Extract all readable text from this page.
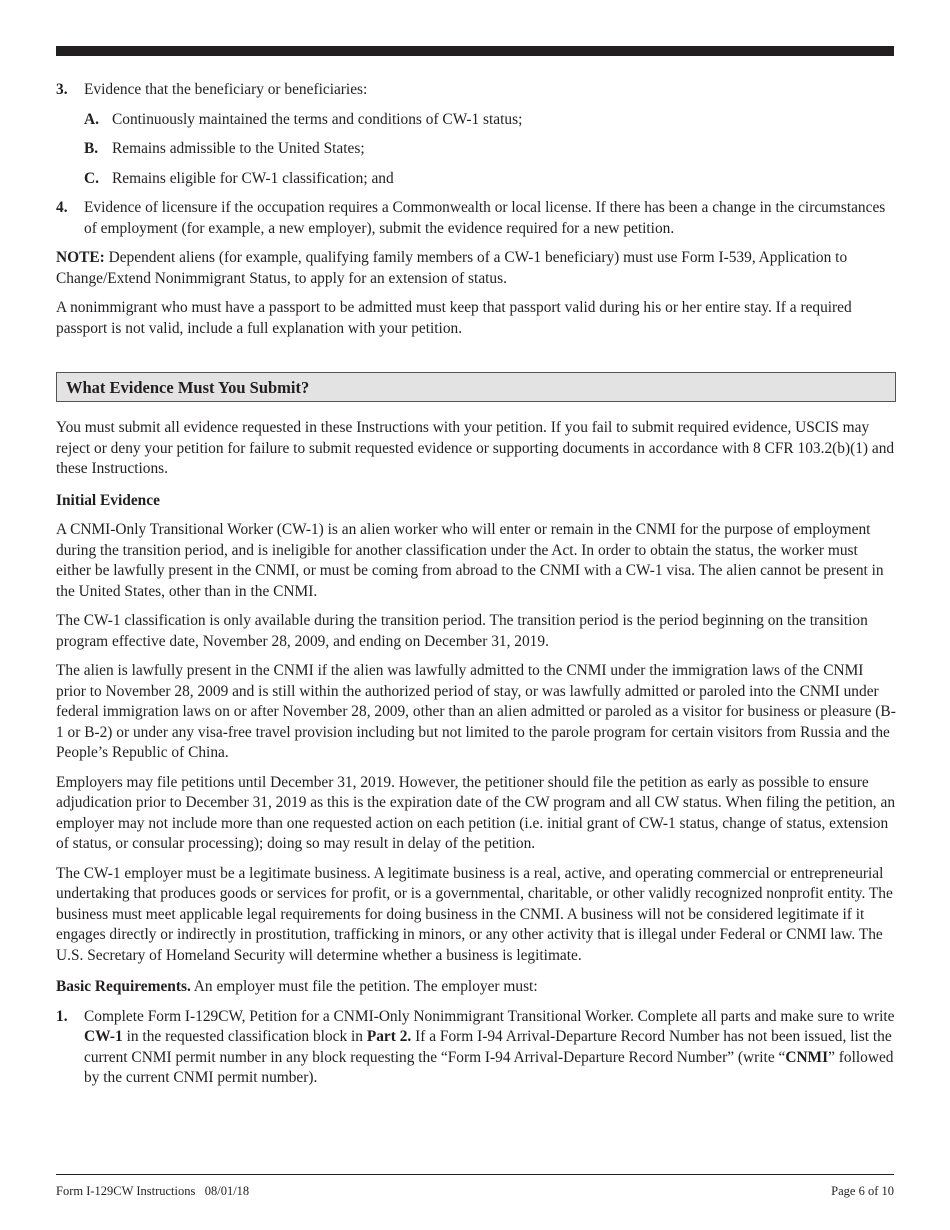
3.	Evidence that the beneficiary or beneficiaries:
A. Continuously maintained the terms and conditions of CW-1 status;
B. Remains admissible to the United States;
C. Remains eligible for CW-1 classification; and
4.	Evidence of licensure if the occupation requires a Commonwealth or local license. If there has been a change in the circumstances of employment (for example, a new employer), submit the evidence required for a new petition.

NOTE: Dependent aliens (for example, qualifying family members of a CW-1 beneficiary) must use Form I-539, Application to Change/Extend Nonimmigrant Status, to apply for an extension of status.

A nonimmigrant who must have a passport to be admitted must keep that passport valid during his or her entire stay. If a required passport is not valid, include a full explanation with your petition.

What Evidence Must You Submit?

You must submit all evidence requested in these Instructions with your petition. If you fail to submit required evidence, USCIS may reject or deny your petition for failure to submit requested evidence or supporting documents in accordance with 8 CFR 103.2(b)(1) and these Instructions.

Initial Evidence

A CNMI-Only Transitional Worker (CW-1) is an alien worker who will enter or remain in the CNMI for the purpose of employment during the transition period, and is ineligible for another classification under the Act. In order to obtain the status, the worker must either be lawfully present in the CNMI, or must be coming from abroad to the CNMI with a CW-1 visa. The alien cannot be present in the United States, other than in the CNMI.

The CW-1 classification is only available during the transition period. The transition period is the period beginning on the transition program effective date, November 28, 2009, and ending on December 31, 2019.

The alien is lawfully present in the CNMI if the alien was lawfully admitted to the CNMI under the immigration laws of the CNMI prior to November 28, 2009 and is still within the authorized period of stay, or was lawfully admitted or paroled into the CNMI under federal immigration laws on or after November 28, 2009, other than an alien admitted or paroled as a visitor for business or pleasure (B-1 or B-2) or under any visa-free travel provision including but not limited to the parole program for certain visitors from Russia and the People’s Republic of China.

Employers may file petitions until December 31, 2019. However, the petitioner should file the petition as early as possible to ensure adjudication prior to December 31, 2019 as this is the expiration date of the CW program and all CW status. When filing the petition, an employer may not include more than one requested action on each petition (i.e. initial grant of CW-1 status, change of status, extension of status, or consular processing); doing so may result in delay of the petition.

The CW-1 employer must be a legitimate business. A legitimate business is a real, active, and operating commercial or entrepreneurial undertaking that produces goods or services for profit, or is a governmental, charitable, or other validly recognized nonprofit entity. The business must meet applicable legal requirements for doing business in the CNMI. A business will not be considered legitimate if it engages directly or indirectly in prostitution, trafficking in minors, or any other activity that is illegal under Federal or CNMI law. The U.S. Secretary of Homeland Security will determine whether a business is legitimate.

Basic Requirements. An employer must file the petition. The employer must:

1.	Complete Form I-129CW, Petition for a CNMI-Only Nonimmigrant Transitional Worker. Complete all parts and make sure to write CW-1 in the requested classification block in Part 2. If a Form I-94 Arrival-Departure Record Number has not been issued, list the current CNMI permit number in any block requesting the “Form I-94 Arrival-Departure Record Number” (write “CNMI” followed by the current CNMI permit number).
Form I-129CW Instructions   08/01/18	Page 6 of 10
